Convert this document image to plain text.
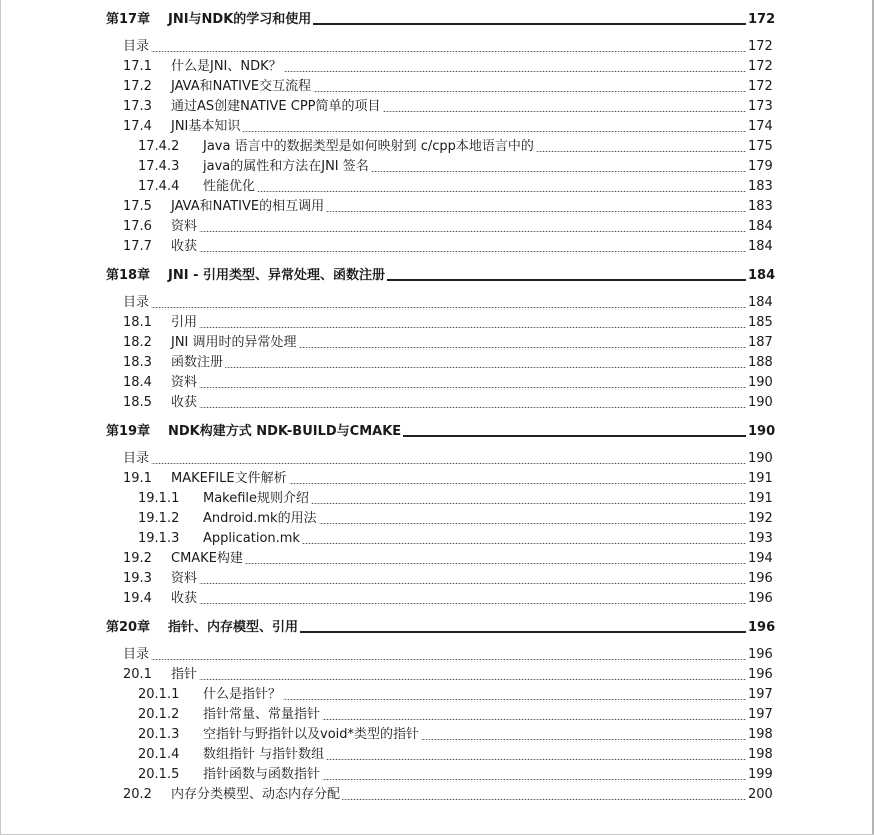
第17章 JNI与NDK的学习和使用	172
目录	172
17.1 什么是JNI、NDK？	172
17.2 JAVA和NATIVE交互流程	172
17.3 通过AS创建NATIVE CPP简单的项目	173
17.4 JNI基本知识	174
17.4.2 Java 语言中的数据类型是如何映射到 c/cpp本地语言中的	175
17.4.3 java的属性和方法在JNI 签名	179
17.4.4 性能优化	183
17.5 JAVA和NATIVE的相互调用	183
17.6 资料	184
17.7 收获	184
第18章 JNI - 引用类型、异常处理、函数注册	184
目录	184
18.1 引用	185
18.2 JNI 调用时的异常处理	187
18.3 函数注册	188
18.4 资料	190
18.5 收获	190
第19章 NDK构建方式 NDK-BUILD与CMAKE	190
目录	190
19.1 MAKEFILE文件解析	191
19.1.1 Makefile规则介绍	191
19.1.2 Android.mk的用法	192
19.1.3 Application.mk	193
19.2 CMAKE构建	194
19.3 资料	196
19.4 收获	196
第20章 指针、内存模型、引用	196
目录	196
20.1 指针	196
20.1.1 什么是指针？	197
20.1.2 指针常量、常量指针	197
20.1.3 空指针与野指针以及void*类型的指针	198
20.1.4 数组指针 与指针数组	198
20.1.5 指针函数与函数指针	199
20.2 内存分类模型、动态内存分配	200
